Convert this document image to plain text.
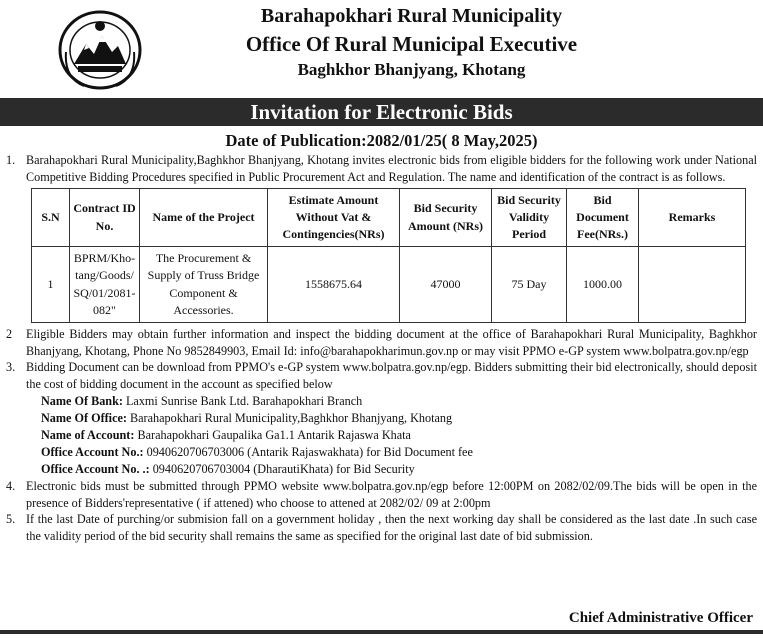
Barahapokhari Rural Municipality
Office Of Rural Municipal Executive
Baghkhor Bhanjyang, Khotang
Invitation for Electronic Bids
Date of Publication:2082/01/25( 8 May,2025)
1. Barahapokhari Rural Municipality,Baghkhor Bhanjyang, Khotang invites electronic bids from eligible bidders for the following work under National Competitive Bidding Procedures specified in Public Procurement Act and Regulation. The name and identification of the contract is as follows.
S.N	Contract ID No.	Name of the Project	Estimate Amount Without Vat & Contingencies(NRs)	Bid Security Amount (NRs)	Bid Security Validity Period	Bid Document Fee(NRs.)	Remarks
1	BPRM/Kho-tang/Goods/ SQ/01/2081-082"	The Procurement & Supply of Truss Bridge Component & Accessories.	1558675.64	47000	75 Day	1000.00	
2	Eligible Bidders may obtain further information and inspect the bidding document at the office of Barahapokhari Rural Municipality, Baghkhor Bhanjyang, Khotang, Phone No 9852849903, Email Id: info@barahapokharimun.gov.np or may visit PPMO e-GP system www.bolpatra.gov.np/egp
3. Bidding Document can be download from PPMO's e-GP system www.bolpatra.gov.np/egp. Bidders submitting their bid electronically, should deposit the cost of bidding document in the account as specified below
Name Of Bank: Laxmi Sunrise Bank Ltd. Barahapokhari Branch
Name Of Office: Barahapokhari Rural Municipality,Baghkhor Bhanjyang, Khotang
Name of Account: Barahapokhari Gaupalika Ga1.1 Antarik Rajaswa Khata
Office Account No.: 0940620706703006 (Antarik Rajaswakhata) for Bid Document fee
Office Account No. .: 0940620706703004 (DharautiKhata) for Bid Security
4. Electronic bids must be submitted through PPMO website www.bolpatra.gov.np/egp before 12:00PM on 2082/02/09.The bids will be open in the presence of Bidders'representative ( if attened) who choose to attened at 2082/02/ 09 at 2:00pm
5. If the last Date of purching/or submision fall on a government holiday , then the next working day shall be considered as the last date .In such case the validity period of the bid security shall remains the same as specified for the original last date of bid submission.
Chief Administrative Officer
